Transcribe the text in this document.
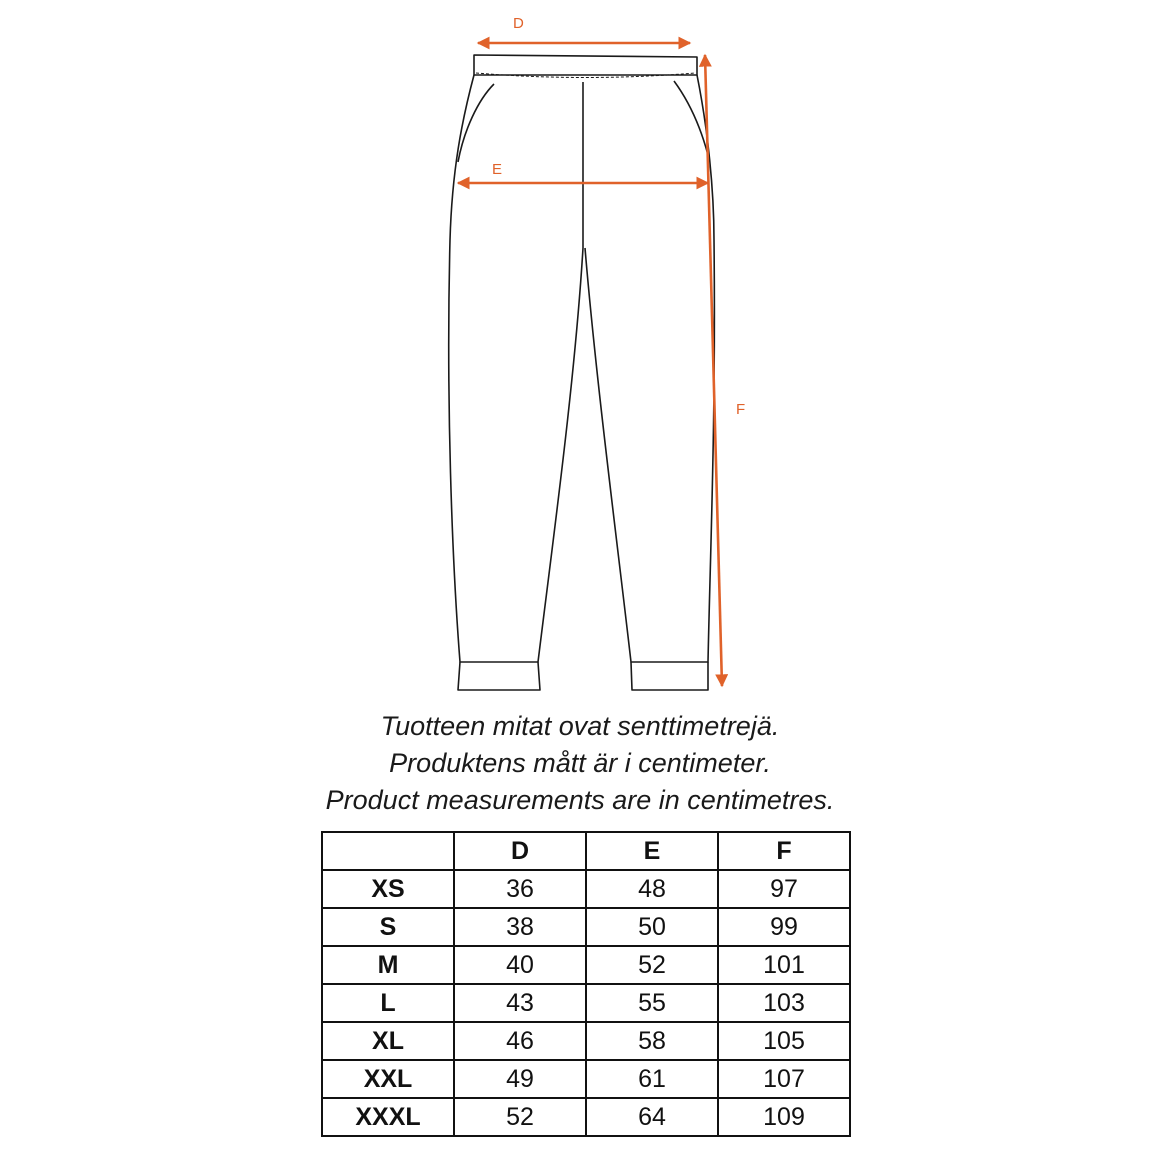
D
E
F
Tuotteen mitat ovat senttimetrejä.
Produktens mått är i centimeter.
Product measurements are in centimetres.
	D	E	F
XS	36	48	97
S	38	50	99
M	40	52	101
L	43	55	103
XL	46	58	105
XXL	49	61	107
XXXL	52	64	109
